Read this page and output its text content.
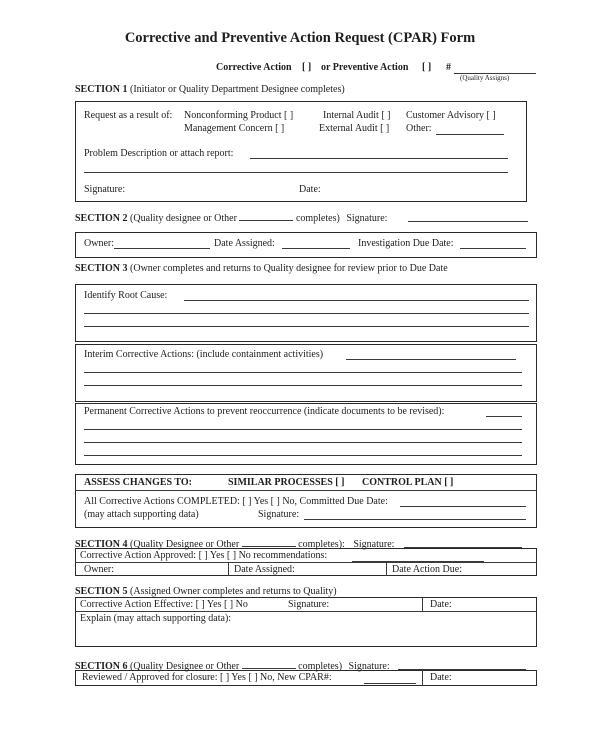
Corrective and Preventive Action Request (CPAR) Form
Corrective Action [ ] or Preventive Action [ ] #
(Quality Assigns)
SECTION 1 (Initiator or Quality Department Designee completes)
Request as a result of: Nonconforming Product [ ]	Internal Audit [ ] Customer Advisory [ ]
Management Concern [ ]	External Audit [ ] Other:
Problem Description or attach report:
Signature:	Date:
SECTION 2 (Quality designee or Other	completes) Signature:
Owner:	Date Assigned:	Investigation Due Date:
SECTION 3 (Owner completes and returns to Quality designee for review prior to Due Date
Identify Root Cause:
Interim Corrective Actions: (include containment activities)
Permanent Corrective Actions to prevent reoccurrence (indicate documents to be revised):
ASSESS CHANGES TO:	SIMILAR PROCESSES [ ] CONTROL PLAN [ ]
All Corrective Actions COMPLETED: [ ] Yes [ ] No, Committed Due Date:
(may attach supporting data)	Signature:
SECTION 4 (Quality Designee or Other	completes): Signature:
Corrective Action Approved: [ ] Yes [ ] No recommendations:
Owner:	Date Assigned:	Date Action Due:
SECTION 5 (Assigned Owner completes and returns to Quality)
Corrective Action Effective: [ ] Yes [ ] No	Signature:	Date:
Explain (may attach supporting data):
SECTION 6 (Quality Designee or Other	completes) Signature:
Reviewed / Approved for closure: [ ] Yes [ ] No, New CPAR#:	Date:
